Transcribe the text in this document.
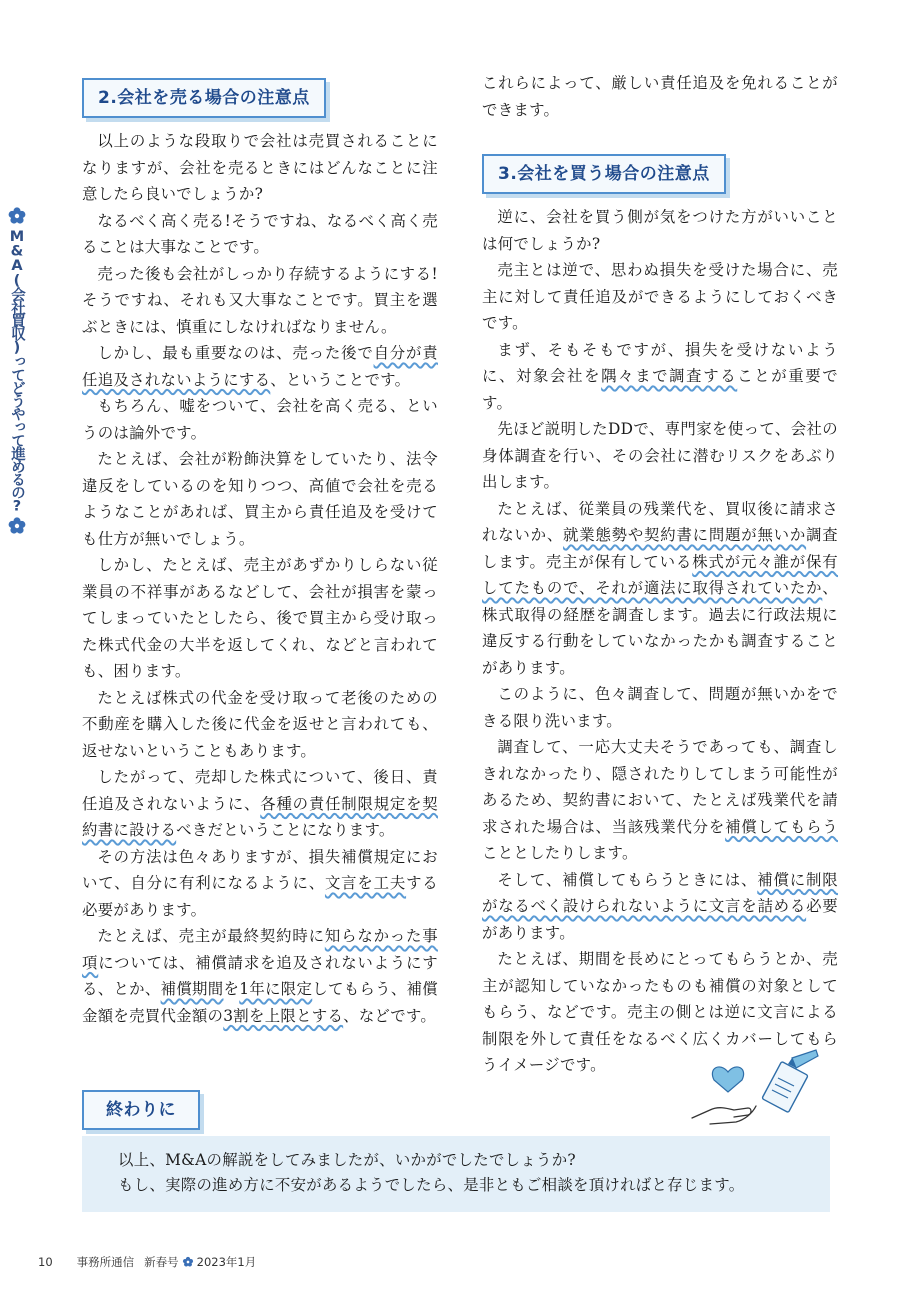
M&A(会社買収)ってどうやって進めるの?
2.会社を売る場合の注意点

以上のような段取りで会社は売買されることになりますが、会社を売るときにはどんなことに注意したら良いでしょうか?

なるべく高く売る!そうですね、なるべく高く売ることは大事なことです。

売った後も会社がしっかり存続するようにする!そうですね、それも又大事なことです。買主を選ぶときには、慎重にしなければなりません。

しかし、最も重要なのは、売った後で自分が責任追及されないようにする、ということです。

もちろん、嘘をついて、会社を高く売る、というのは論外です。

たとえば、会社が粉飾決算をしていたり、法令違反をしているのを知りつつ、高値で会社を売るようなことがあれば、買主から責任追及を受けても仕方が無いでしょう。

しかし、たとえば、売主があずかりしらない従業員の不祥事があるなどして、会社が損害を蒙ってしまっていたとしたら、後で買主から受け取った株式代金の大半を返してくれ、などと言われても、困ります。

たとえば株式の代金を受け取って老後のための不動産を購入した後に代金を返せと言われても、返せないということもあります。

したがって、売却した株式について、後日、責任追及されないように、各種の責任制限規定を契約書に設けるべきだということになります。

その方法は色々ありますが、損失補償規定において、自分に有利になるように、文言を工夫する必要があります。

たとえば、売主が最終契約時に知らなかった事項については、補償請求を追及されないようにする、とか、補償期間を1年に限定してもらう、補償金額を売買代金額の3割を上限とする、などです。

これらによって、厳しい責任追及を免れることができます。

3.会社を買う場合の注意点

逆に、会社を買う側が気をつけた方がいいことは何でしょうか?

売主とは逆で、思わぬ損失を受けた場合に、売主に対して責任追及ができるようにしておくべきです。

まず、そもそもですが、損失を受けないように、対象会社を隅々まで調査することが重要です。

先ほど説明したDDで、専門家を使って、会社の身体調査を行い、その会社に潜むリスクをあぶり出します。

たとえば、従業員の残業代を、買収後に請求されないか、就業態勢や契約書に問題が無いか調査します。売主が保有している株式が元々誰が保有してたもので、それが適法に取得されていたか、株式取得の経歴を調査します。過去に行政法規に違反する行動をしていなかったかも調査することがあります。

このように、色々調査して、問題が無いかをできる限り洗います。

調査して、一応大丈夫そうであっても、調査しきれなかったり、隠されたりしてしまう可能性があるため、契約書において、たとえば残業代を請求された場合は、当該残業代分を補償してもらうこととしたりします。

そして、補償してもらうときには、補償に制限がなるべく設けられないように文言を詰める必要があります。

たとえば、期間を長めにとってもらうとか、売主が認知していなかったものも補償の対象としてもらう、などです。売主の側とは逆に文言による制限を外して責任をなるべく広くカバーしてもらうイメージです。

終わりに
以上、M&Aの解説をしてみましたが、いかがでしたでしょうか?
もし、実際の進め方に不安があるようでしたら、是非ともご相談を頂ければと存じます。
10 事務所通信 新春号 2023年1月
